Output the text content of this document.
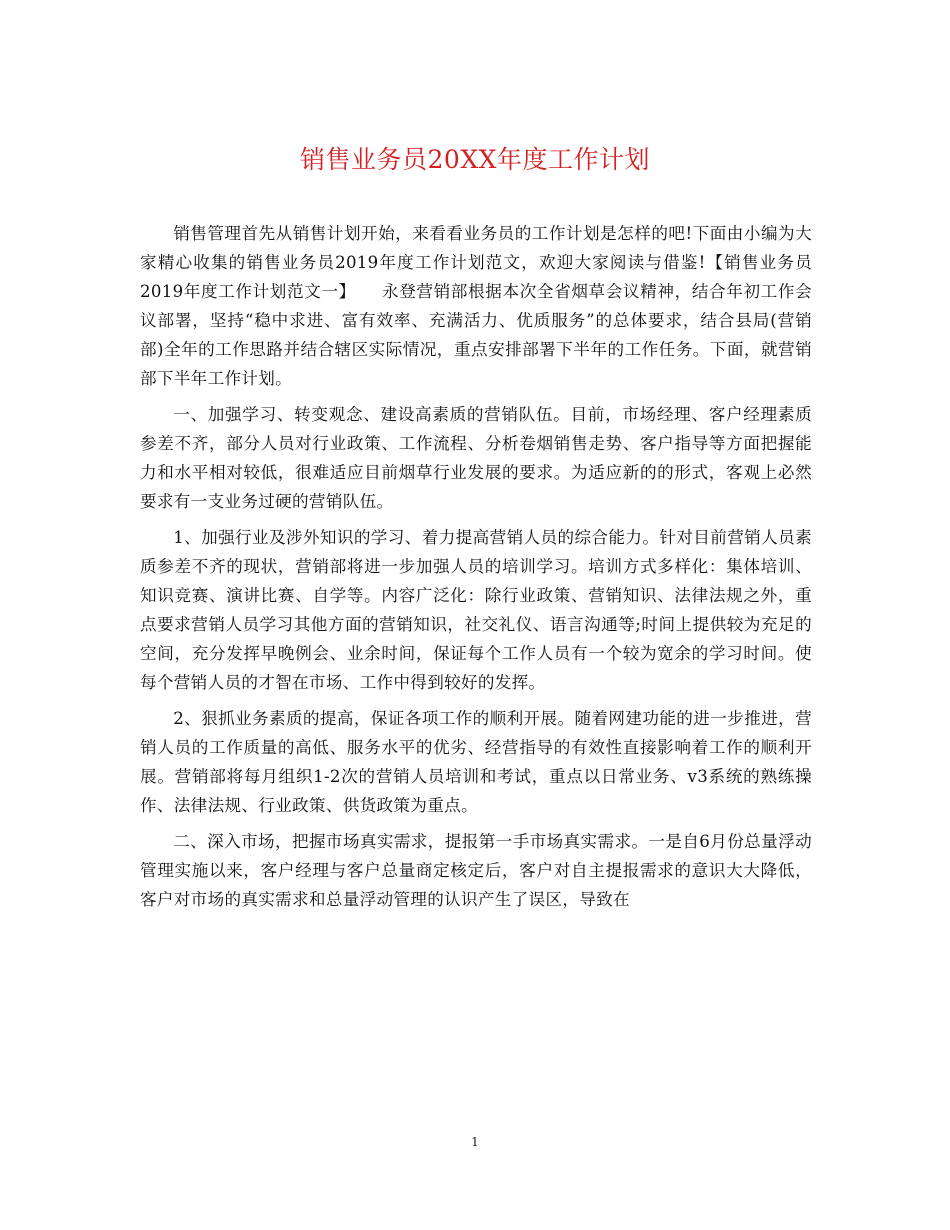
销售业务员20XX年度工作计划

销售管理首先从销售计划开始，来看看业务员的工作计划是怎样的吧!下面由小编为大家精心收集的销售业务员2019年度工作计划范文，欢迎大家阅读与借鉴!【销售业务员2019年度工作计划范文一】　　永登营销部根据本次全省烟草会议精神，结合年初工作会议部署，坚持“稳中求进、富有效率、充满活力、优质服务”的总体要求，结合县局(营销部)全年的工作思路并结合辖区实际情况，重点安排部署下半年的工作任务。下面，就营销部下半年工作计划。

一、加强学习、转变观念、建设高素质的营销队伍。目前，市场经理、客户经理素质参差不齐，部分人员对行业政策、工作流程、分析卷烟销售走势、客户指导等方面把握能力和水平相对较低，很难适应目前烟草行业发展的要求。为适应新的的形式，客观上必然要求有一支业务过硬的营销队伍。

1、加强行业及涉外知识的学习、着力提高营销人员的综合能力。针对目前营销人员素质参差不齐的现状，营销部将进一步加强人员的培训学习。培训方式多样化：集体培训、知识竞赛、演讲比赛、自学等。内容广泛化：除行业政策、营销知识、法律法规之外，重点要求营销人员学习其他方面的营销知识，社交礼仪、语言沟通等;时间上提供较为充足的空间，充分发挥早晚例会、业余时间，保证每个工作人员有一个较为宽余的学习时间。使每个营销人员的才智在市场、工作中得到较好的发挥。

2、狠抓业务素质的提高，保证各项工作的顺利开展。随着网建功能的进一步推进，营销人员的工作质量的高低、服务水平的优劣、经营指导的有效性直接影响着工作的顺利开展。营销部将每月组织1-2次的营销人员培训和考试，重点以日常业务、v3系统的熟练操作、法律法规、行业政策、供货政策为重点。

二、深入市场，把握市场真实需求，提报第一手市场真实需求。一是自6月份总量浮动管理实施以来，客户经理与客户总量商定核定后，客户对自主提报需求的意识大大降低，客户对市场的真实需求和总量浮动管理的认识产生了误区，导致在

1
